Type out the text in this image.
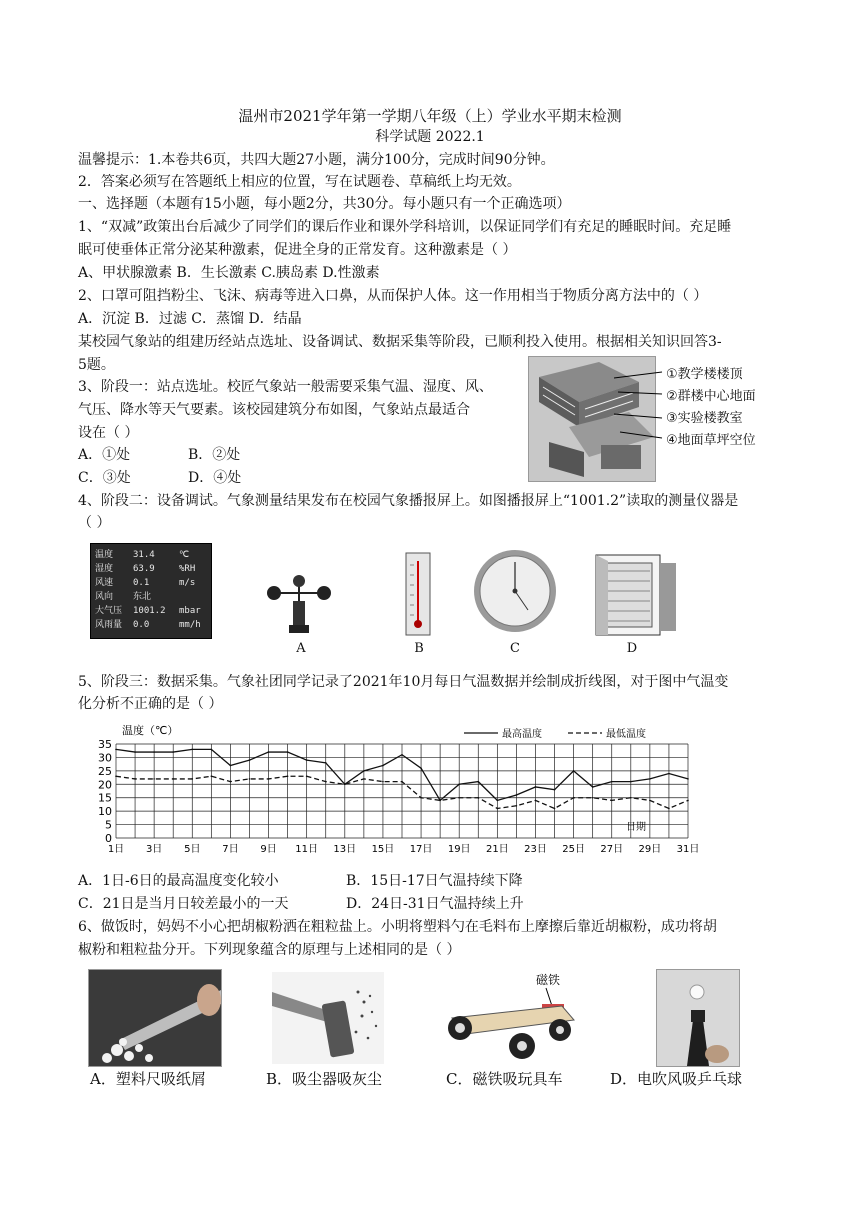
温州市2021学年第一学期八年级（上）学业水平期末检测
科学试题 2022.1
温馨提示：1.本卷共6页，共四大题27小题，满分100分，完成时间90分钟。
2．答案必须写在答题纸上相应的位置，写在试题卷、草稿纸上均无效。
一、选择题（本题有15小题，每小题2分，共30分。每小题只有一个正确选项）
1、“双减”政策出台后减少了同学们的课后作业和课外学科培训，以保证同学们有充足的睡眠时间。充足睡
眠可使垂体正常分泌某种激素，促进全身的正常发育。这种激素是（ ）
A、甲状腺激素 B．生长激素 C.胰岛素 D.性激素
2、口罩可阻挡粉尘、飞沫、病毒等进入口鼻，从而保护人体。这一作用相当于物质分离方法中的（ ）
A．沉淀 B．过滤 C．蒸馏 D．结晶
某校园气象站的组建历经站点选址、设备调试、数据采集等阶段，已顺利投入使用。根据相关知识回答3-
5题。
3、阶段一：站点选址。校匠气象站一般需要采集气温、湿度、风、
气压、降水等天气要素。该校园建筑分布如图，气象站点最适合
设在（ ）
A．①处	B．②处
C．③处	D．④处
①教学楼楼顶
②群楼中心地面
③实验楼教室
④地面草坪空位
4、阶段二：设备调试。气象测量结果发布在校园气象播报屏上。如图播报屏上“1001.2”读取的测量仪器是
（ ）
温度	31.4	℃
湿度	63.9	%RH
风速	0.1	m/s
风向	东北
大气压	1001.2	mbar
风雨量	0.0	mm/h
A	B	C	D
5、阶段三：数据采集。气象社团同学记录了2021年10月每日气温数据并绘制成折线图，对于图中气温变
化分析不正确的是（ ）
温度（℃）
0
5
10
15
20
25
30
35
1日 3日 5日 7日 9日 11日 13日 15日 17日 19日 21日 23日 25日 27日 29日 31日
最高温度	最低温度
日期
A．1日-6日的最高温度变化较小	B．15日-17日气温持续下降
C．21日是当月日较差最小的一天	D．24日-31日气温持续上升
6、做饭时，妈妈不小心把胡椒粉洒在粗粒盐上。小明将塑料勺在毛料布上摩擦后靠近胡椒粉，成功将胡
椒粉和粗粒盐分开。下列现象蕴含的原理与上述相同的是（ ）
磁铁
A．塑料尺吸纸屑	B．吸尘器吸灰尘	C．磁铁吸玩具车	D．电吹风吸乒乓球
